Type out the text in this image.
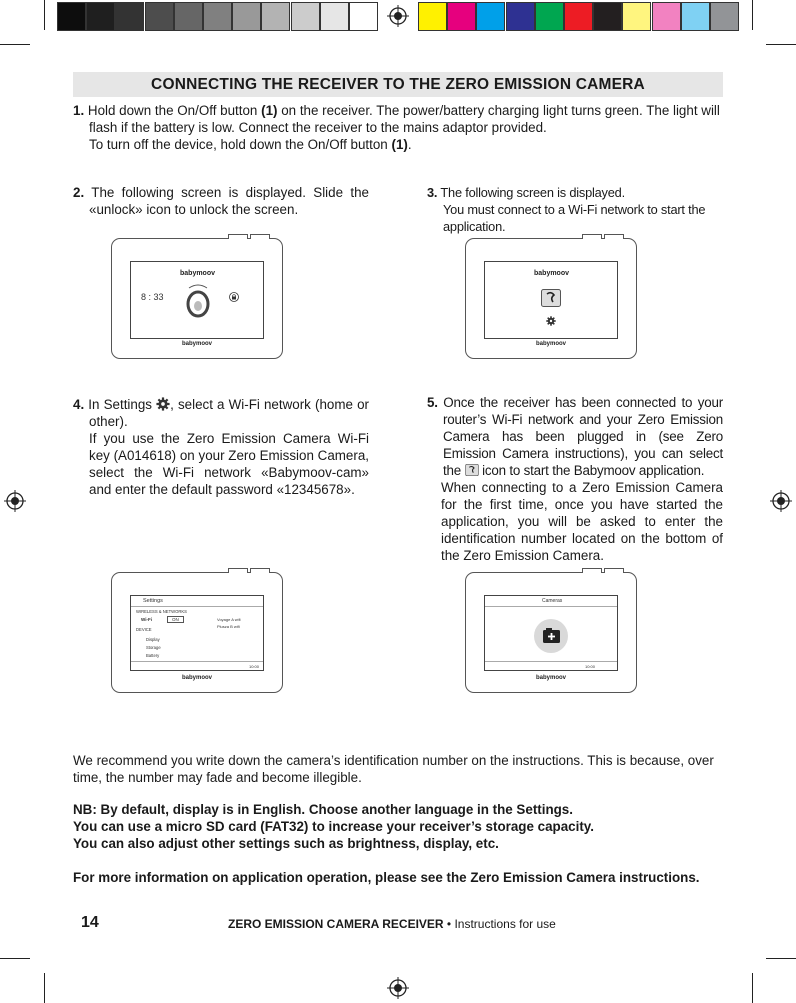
CONNECTING THE RECEIVER TO THE ZERO EMISSION CAMERA
1. Hold down the On/Off button (1) on the receiver. The power/battery charging light turns green. The light will flash if the battery is low. Connect the receiver to the mains adaptor provided.
To turn off the device, hold down the On/Off button (1).
2. The following screen is displayed. Slide the «unlock» icon to unlock the screen.
3. The following screen is displayed.
You must connect to a Wi-Fi network to start the application.
babymoov
8 : 33
babymoov
babymoov
babymoov
4. In Settings , select a Wi-Fi network (home or other).
If you use the Zero Emission Camera Wi-Fi key (A014618) on your Zero Emission Camera, select the Wi-Fi network «Babymoov-cam» and enter the default password «12345678».
5. Once the receiver has been connected to your router’s Wi-Fi network and your Zero Emission Camera has been plugged in (see Zero Emission Camera instructions), you can select the  icon to start the Babymoov application.
When connecting to a Zero Emission Camera for the first time, once you have started the application, you will be asked to enter the identification number located on the bottom of the Zero Emission Camera.
Settings
WIRELESS & NETWORKS
Wi-Fi	ON
DEVICE
Display
Storage
Battery
Voyage A wifi
Plusza B wifi
10:00
babymoov
Cameras
10:00
babymoov
We recommend you write down the camera’s identification number on the instructions. This is because, over time, the number may fade and become illegible.
NB: By default, display is in English. Choose another language in the Settings.
You can use a micro SD card (FAT32) to increase your receiver’s storage capacity.
You can also adjust other settings such as brightness, display, etc.
For more information on application operation, please see the Zero Emission Camera instructions.
14	ZERO EMISSION CAMERA RECEIVER • Instructions for use
